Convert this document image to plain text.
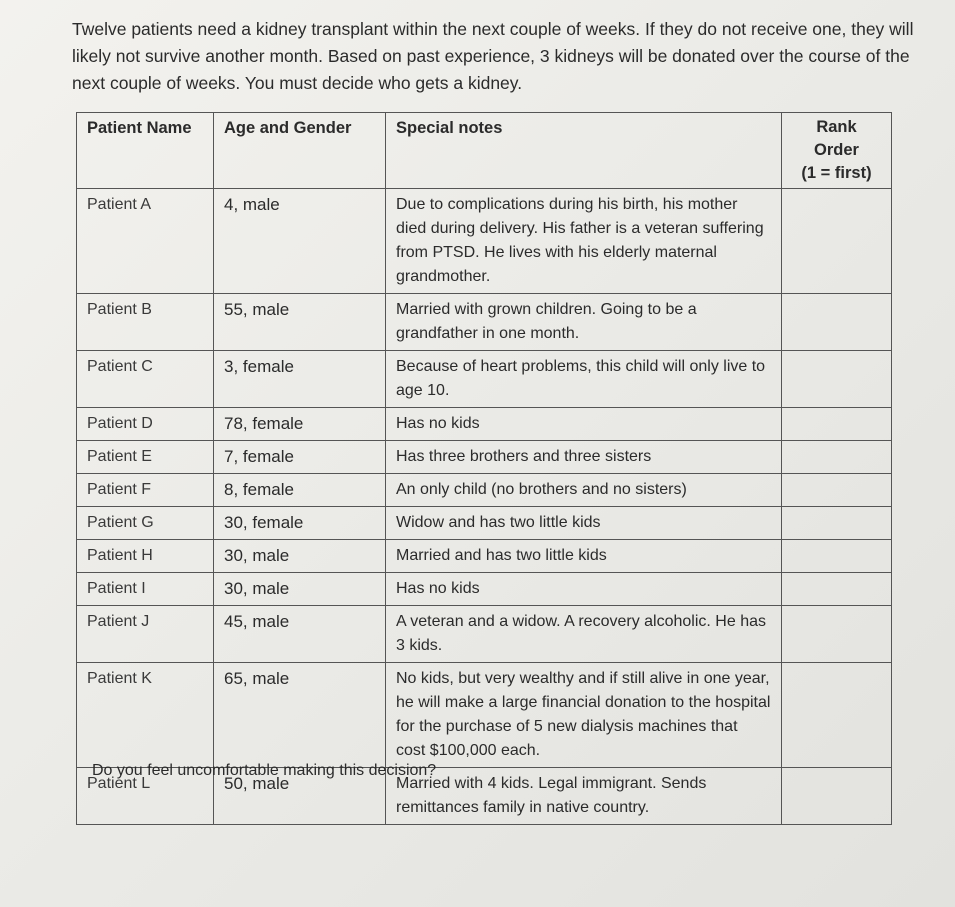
Twelve patients need a kidney transplant within the next couple of weeks. If they do not receive one, they will likely not survive another month. Based on past experience, 3 kidneys will be donated over the course of the next couple of weeks. You must decide who gets a kidney.

Patient Name	Age and Gender	Special notes	Rank Order
(1 = first)
Patient A	4, male	Due to complications during his birth, his mother died during delivery. His father is a veteran suffering from PTSD. He lives with his elderly maternal grandmother.	
Patient B	55, male	Married with grown children. Going to be a grandfather in one month.	
Patient C	3, female	Because of heart problems, this child will only live to age 10.	
Patient D	78, female	Has no kids	
Patient E	7, female	Has three brothers and three sisters	
Patient F	8, female	An only child (no brothers and no sisters)	
Patient G	30, female	Widow and has two little kids	
Patient H	30, male	Married and has two little kids	
Patient I	30, male	Has no kids	
Patient J	45, male	A veteran and a widow. A recovery alcoholic. He has 3 kids.	
Patient K	65, male	No kids, but very wealthy and if still alive in one year, he will make a large financial donation to the hospital for the purchase of 5 new dialysis machines that cost $100,000 each.	
Patient L	50, male	Married with 4 kids. Legal immigrant. Sends remittances family in native country.	

Do you feel uncomfortable making this decision?
